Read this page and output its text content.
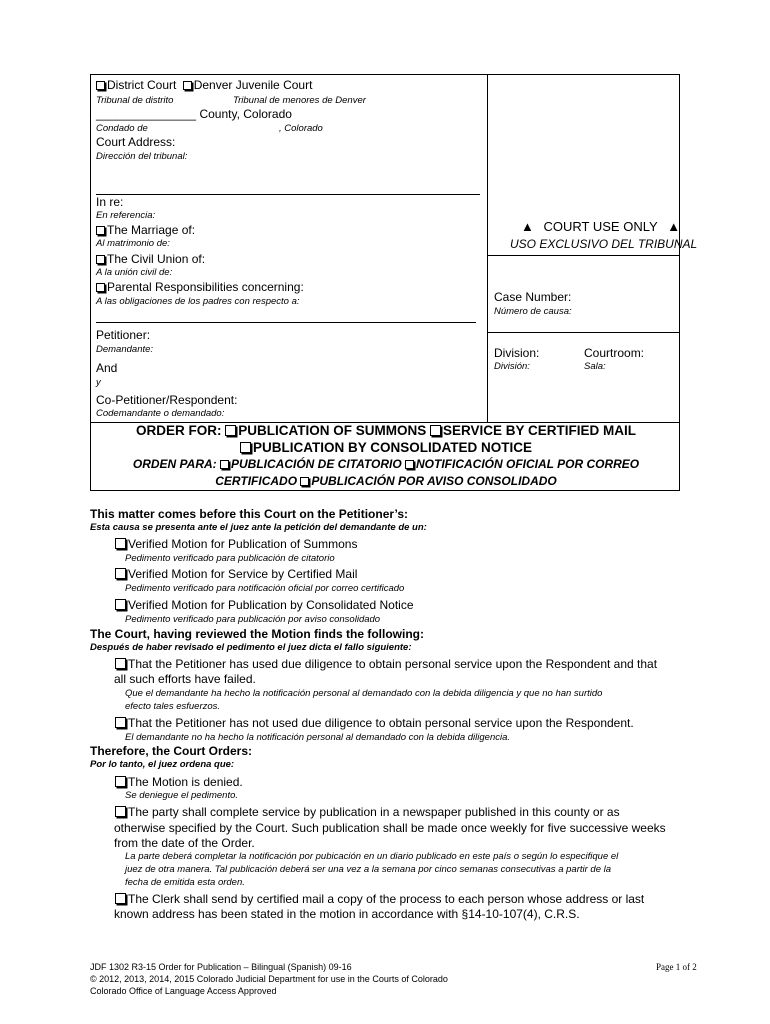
District Court Denver Juvenile Court
Tribunal de distrito	Tribunal de menores de Denver
_______________ County, Colorado
Condado de	, Colorado
Court Address:
Dirección del tribunal:
In re:
En referencia:
The Marriage of:
Al matrimonio de:
The Civil Union of:
A la unión civil de:
Parental Responsibilities concerning:
A las obligaciones de los padres con respecto a:
Petitioner:
Demandante:
And
y
Co-Petitioner/Respondent:
Codemandante o demandado:
▲ COURT USE ONLY ▲
USO EXCLUSIVO DEL TRIBUNAL
Case Number:
Número de causa:
Division:
División:
Courtroom:
Sala:
ORDER FOR: PUBLICATION OF SUMMONS SERVICE BY CERTIFIED MAIL
PUBLICATION BY CONSOLIDATED NOTICE
ORDEN PARA: PUBLICACIÓN DE CITATORIO NOTIFICACIÓN OFICIAL POR CORREO
CERTIFICADO PUBLICACIÓN POR AVISO CONSOLIDADO
This matter comes before this Court on the Petitioner’s:
Esta causa se presenta ante el juez ante la petición del demandante de un:
Verified Motion for Publication of Summons
Pedimento verificado para publicación de citatorio
Verified Motion for Service by Certified Mail
Pedimento verificado para notificación oficial por correo certificado
Verified Motion for Publication by Consolidated Notice
Pedimento verificado para publicación por aviso consolidado
The Court, having reviewed the Motion finds the following:
Después de haber revisado el pedimento el juez dicta el fallo siguiente:
That the Petitioner has used due diligence to obtain personal service upon the Respondent and that
all such efforts have failed.
Que el demandante ha hecho la notificación personal al demandado con la debida diligencia y que no han surtido
efecto tales esfuerzos.
That the Petitioner has not used due diligence to obtain personal service upon the Respondent.
El demandante no ha hecho la notificación personal al demandado con la debida diligencia.
Therefore, the Court Orders:
Por lo tanto, el juez ordena que:
The Motion is denied.
Se deniegue el pedimento.
The party shall complete service by publication in a newspaper published in this county or as
otherwise specified by the Court. Such publication shall be made once weekly for five successive weeks
from the date of the Order.
La parte deberá completar la notificación por pubicación en un diario publicado en este país o según lo especifique el
juez de otra manera. Tal publicación deberá ser una vez a la semana por cinco semanas consecutivas a partir de la
fecha de emitida esta orden.
The Clerk shall send by certified mail a copy of the process to each person whose address or last
known address has been stated in the motion in accordance with §14-10-107(4), C.R.S.
JDF 1302 R3-15 Order for Publication – Bilingual (Spanish) 09-16
© 2012, 2013, 2014, 2015 Colorado Judicial Department for use in the Courts of Colorado
Colorado Office of Language Access Approved
Page 1 of 2
